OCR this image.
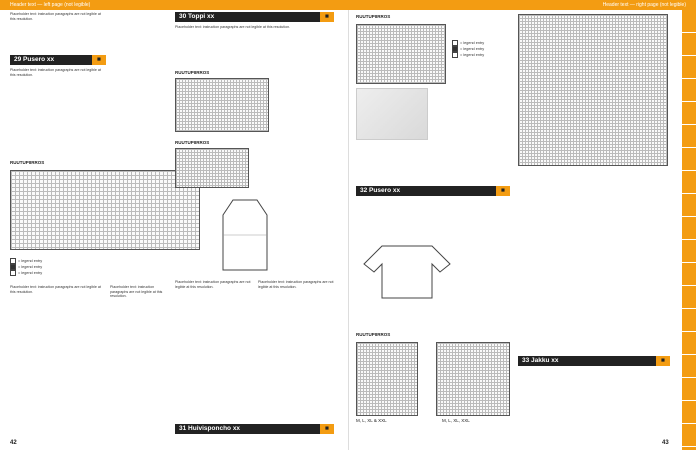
Header text — left page (not legible)	Header text — right page (not legible)
Placeholder text: instruction paragraphs are not legible at this resolution.
29 Pusero xx	■
Placeholder text: instruction paragraphs are not legible at this resolution.
RUUTUPIIRROS
= legend entry
= legend entry
= legend entry
Placeholder text: instruction paragraphs are not legible at this resolution.
Placeholder text: instruction paragraphs are not legible at this resolution.
30 Toppi xx	■
Placeholder text: instruction paragraphs are not legible at this resolution.
RUUTUPIIRROS
RUUTUPIIRROS
Placeholder text: instruction paragraphs are not legible at this resolution.
Placeholder text: instruction paragraphs are not legible at this resolution.
31 Huivisponcho xx	■
42
RUUTUPIIRROS
= legend entry
= legend entry
= legend entry
32 Pusero xx	■
RUUTUPIIRROS
M, L, XL & XXL	M, L, XL, XXL
33 Jakku xx	■
43
